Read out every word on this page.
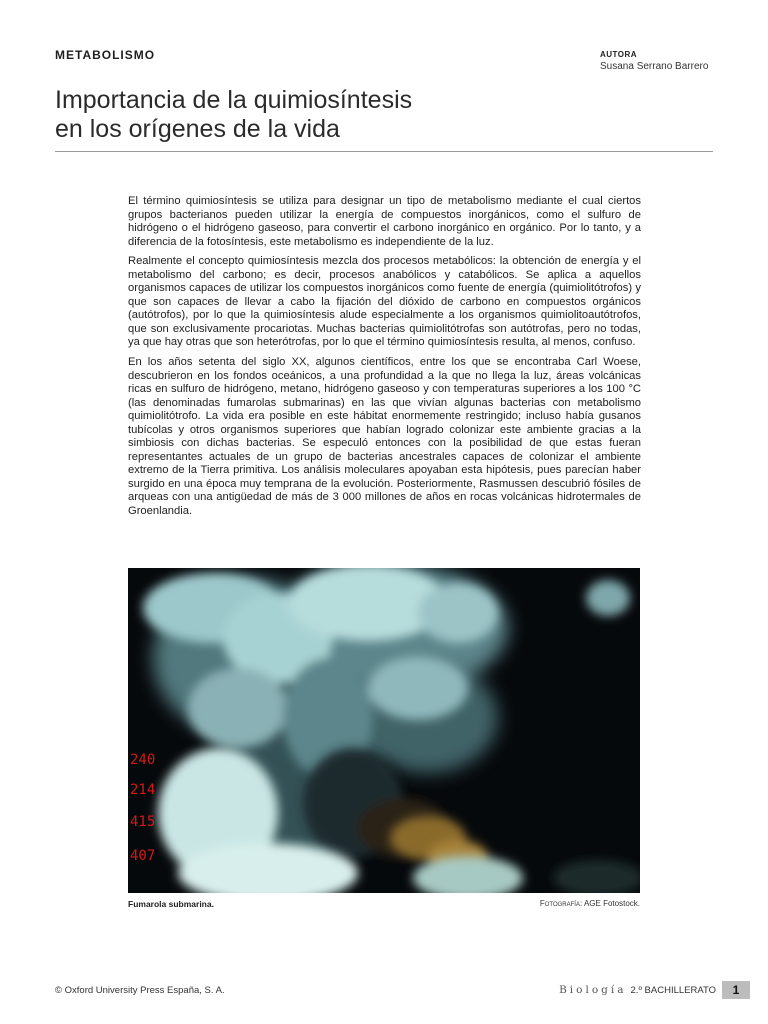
METABOLISMO	AUTORA
Susana Serrano Barrero
Importancia de la quimiosíntesis
en los orígenes de la vida

El término quimiosíntesis se utiliza para designar un tipo de metabolismo mediante el cual ciertos grupos bacterianos pueden utilizar la energía de compuestos inorgánicos, como el sulfuro de hidrógeno o el hidrógeno gaseoso, para convertir el carbono inorgánico en orgánico. Por lo tanto, y a diferencia de la fotosíntesis, este metabolismo es independiente de la luz.

Realmente el concepto quimiosíntesis mezcla dos procesos metabólicos: la obtención de energía y el metabolismo del carbono; es decir, procesos anabólicos y catabólicos. Se aplica a aquellos organismos capaces de utilizar los compuestos inorgánicos como fuente de energía (quimiolitótrofos) y que son capaces de llevar a cabo la fijación del dióxido de carbono en compuestos orgánicos (autótrofos), por lo que la quimiosíntesis alude especialmente a los organismos quimiolitoautótrofos, que son exclusivamente procariotas. Muchas bacterias quimiolitótrofas son autótrofas, pero no todas, ya que hay otras que son heterótrofas, por lo que el término quimiosíntesis resulta, al menos, confuso.

En los años setenta del siglo XX, algunos científicos, entre los que se encontraba Carl Woese, descubrieron en los fondos oceánicos, a una profundidad a la que no llega la luz, áreas volcánicas ricas en sulfuro de hidrógeno, metano, hidrógeno gaseoso y con temperaturas superiores a los 100 °C (las denominadas fumarolas submarinas) en las que vivían algunas bacterias con metabolismo quimiolitótrofo. La vida era posible en este hábitat enormemente restringido; incluso había gusanos tubícolas y otros organismos superiores que habían logrado colonizar este ambiente gracias a la simbiosis con dichas bacterias. Se especuló entonces con la posibilidad de que estas fueran representantes actuales de un grupo de bacterias ancestrales capaces de colonizar el ambiente extremo de la Tierra primitiva. Los análisis moleculares apoyaban esta hipótesis, pues parecían haber surgido en una época muy temprana de la evolución. Posteriormente, Rasmussen descubrió fósiles de arqueas con una antigüedad de más de 3 000 millones de años en rocas volcánicas hidrotermales de Groenlandia.

240
214
415
407
Fumarola submarina.	Fotografía: AGE Fotostock.
© Oxford University Press España, S. A.	Biología 2.º BACHILLERATO	1
